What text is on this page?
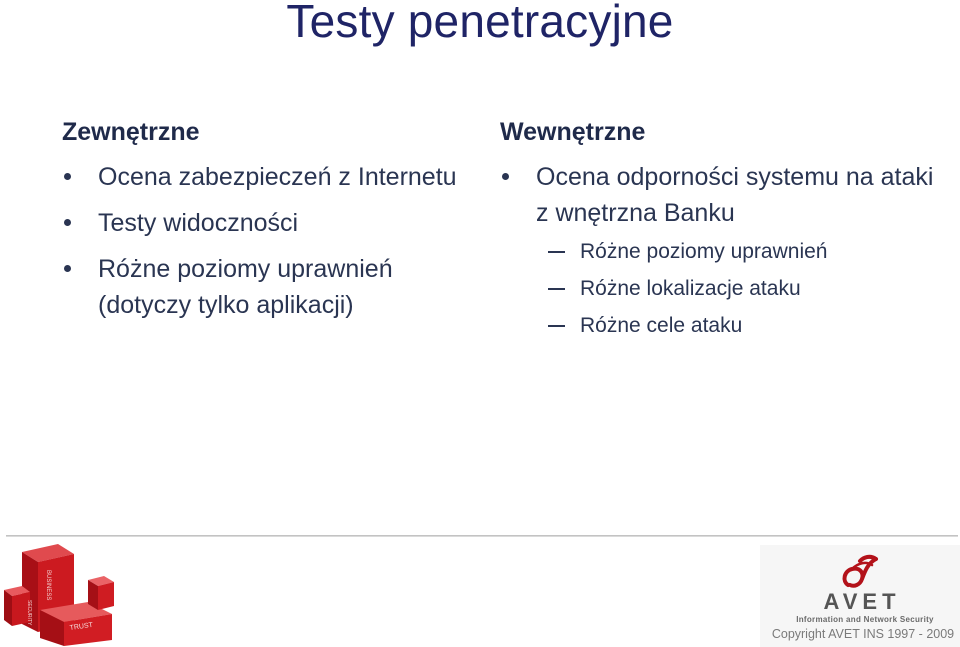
Testy penetracyjne
Zewnętrzne
Ocena zabezpieczeń z Internetu
Testy widoczności
Różne poziomy uprawnień (dotyczy tylko aplikacji)
Wewnętrzne
Ocena odporności systemu na ataki z wnętrzna Banku
Różne poziomy uprawnień
Różne lokalizacje ataku
Różne cele ataku
BUSINESS
SECURITY
TRUST
AVET
Information and Network Security
Copyright AVET INS 1997 - 2009
